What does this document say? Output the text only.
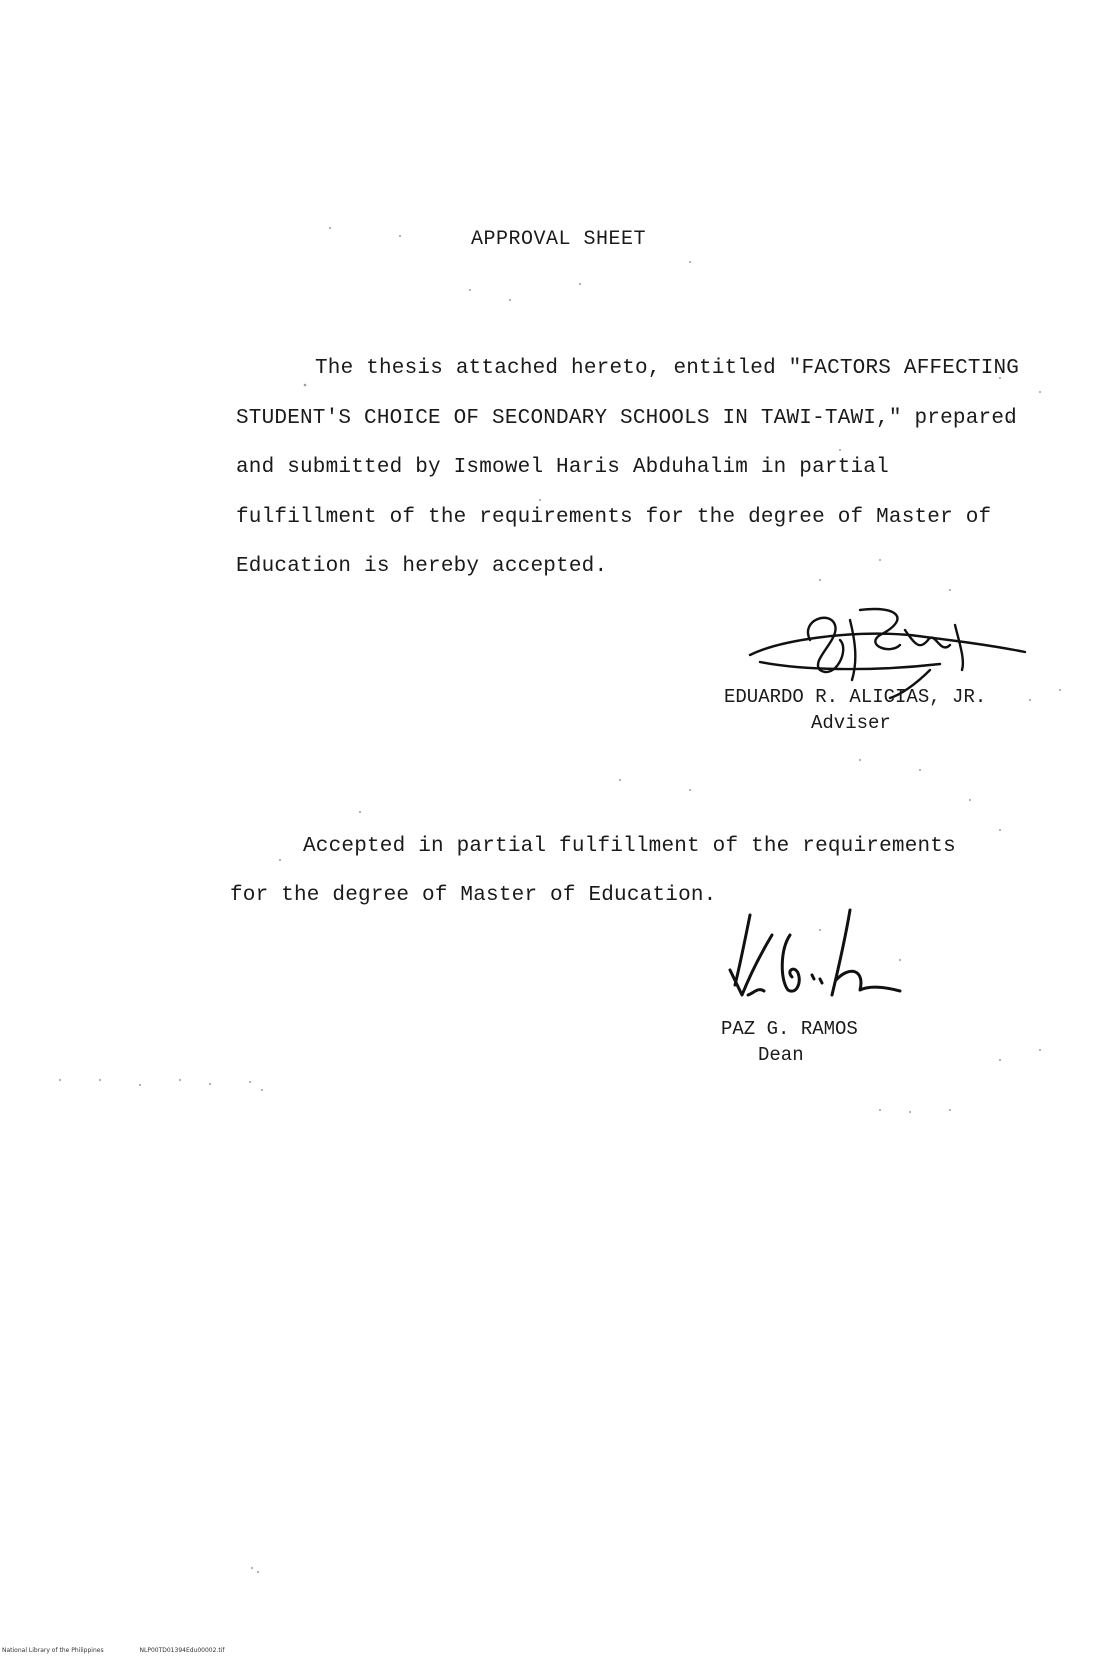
APPROVAL SHEET
The thesis attached hereto, entitled "FACTORS AFFECTING
STUDENT'S CHOICE OF SECONDARY SCHOOLS IN TAWI-TAWI," prepared
and submitted by Ismowel Haris Abduhalim in partial
fulfillment of the requirements for the degree of Master of
Education is hereby accepted.
EDUARDO R. ALICIAS, JR.
Adviser
Accepted in partial fulfillment of the requirements
for the degree of Master of Education.
PAZ G. RAMOS
Dean
National Library of the Philippines	NLP00TD01394Edu00002.tif
